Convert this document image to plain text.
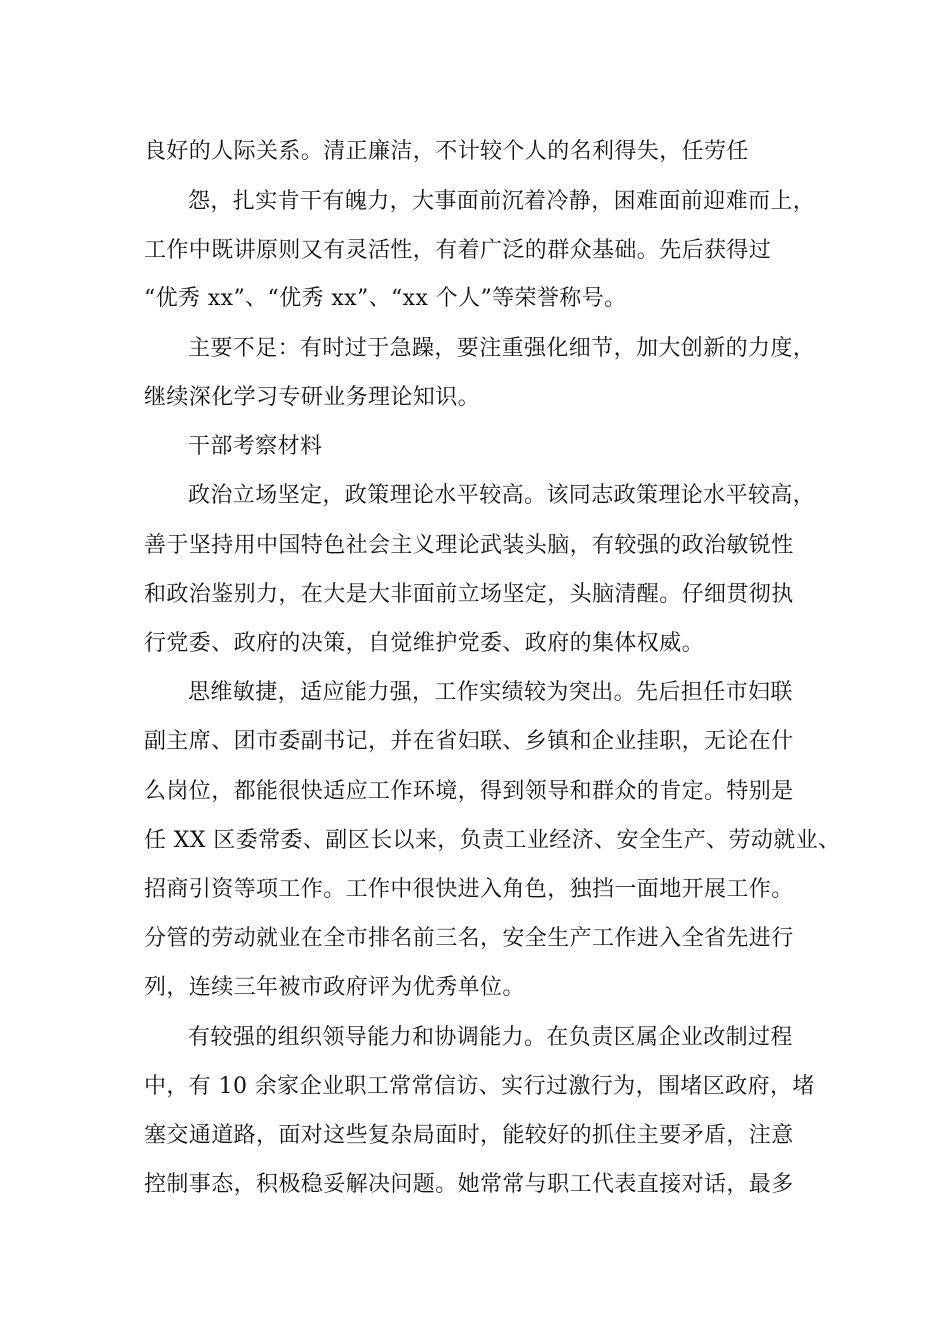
良好的人际关系。清正廉洁，不计较个人的名利得失，任劳任
怨，扎实肯干有魄力，大事面前沉着冷静，困难面前迎难而上，
工作中既讲原则又有灵活性，有着广泛的群众基础。先后获得过
“优秀 xx”、“优秀 xx”、“xx 个人”等荣誉称号。
主要不足：有时过于急躁，要注重强化细节，加大创新的力度，
继续深化学习专研业务理论知识。
干部考察材料
政治立场坚定，政策理论水平较高。该同志政策理论水平较高，
善于坚持用中国特色社会主义理论武装头脑，有较强的政治敏锐性
和政治鉴别力，在大是大非面前立场坚定，头脑清醒。仔细贯彻执
行党委、政府的决策，自觉维护党委、政府的集体权威。
思维敏捷，适应能力强，工作实绩较为突出。先后担任市妇联
副主席、团市委副书记，并在省妇联、乡镇和企业挂职，无论在什
么岗位，都能很快适应工作环境，得到领导和群众的肯定。特别是
任 XX 区委常委、副区长以来，负责工业经济、安全生产、劳动就业、
招商引资等项工作。工作中很快进入角色，独挡一面地开展工作。
分管的劳动就业在全市排名前三名，安全生产工作进入全省先进行
列，连续三年被市政府评为优秀单位。
有较强的组织领导能力和协调能力。在负责区属企业改制过程
中，有 10 余家企业职工常常信访、实行过激行为，围堵区政府，堵
塞交通道路，面对这些复杂局面时，能较好的抓住主要矛盾，注意
控制事态，积极稳妥解决问题。她常常与职工代表直接对话，最多
